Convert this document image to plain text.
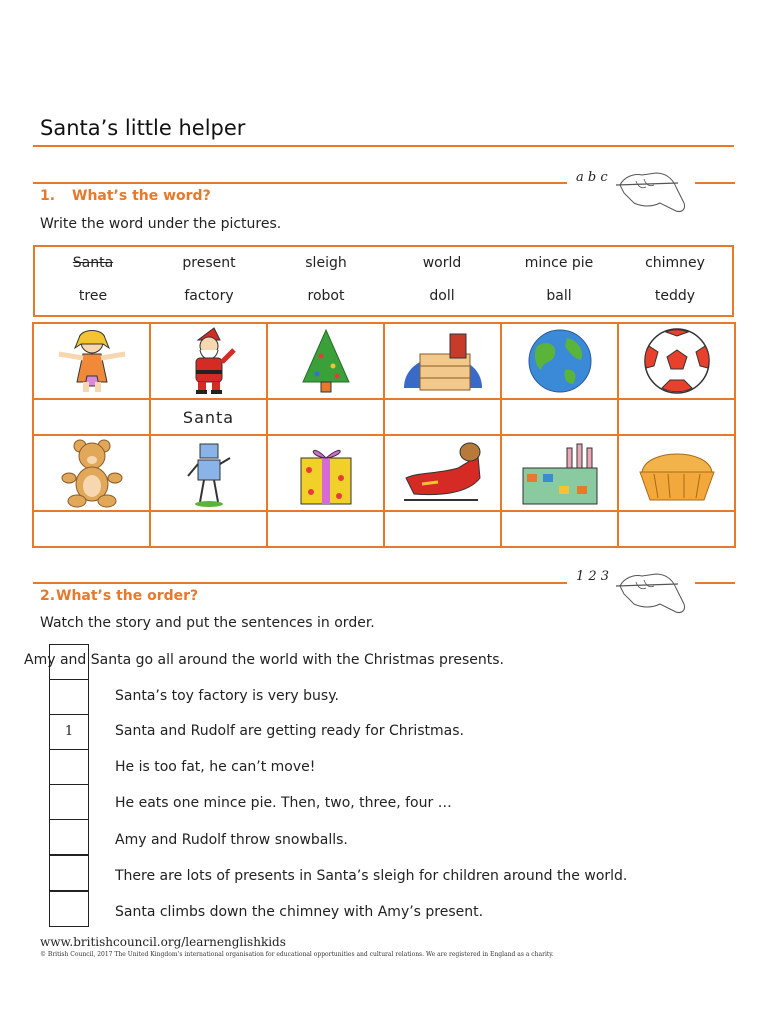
Santa’s little helper
a b c
1. What’s the word?
Write the word under the pictures.
Santa	present	sleigh	world	mince pie	chimney
tree	factory	robot	doll	ball	teddy

	Santa				

1 2 3
2. What’s the order?
Watch the story and put the sentences in order.
1
Amy and Santa go all around the world with the Christmas presents.
Santa’s toy factory is very busy.
Santa and Rudolf are getting ready for Christmas.
He is too fat, he can’t move!
He eats one mince pie. Then, two, three, four …
Amy and Rudolf throw snowballs.
There are lots of presents in Santa’s sleigh for children around the world.
Santa climbs down the chimney with Amy’s present.
www.britishcouncil.org/learnenglishkids
© British Council, 2017 The United Kingdom’s international organisation for educational opportunities and cultural relations. We are registered in England as a charity.
